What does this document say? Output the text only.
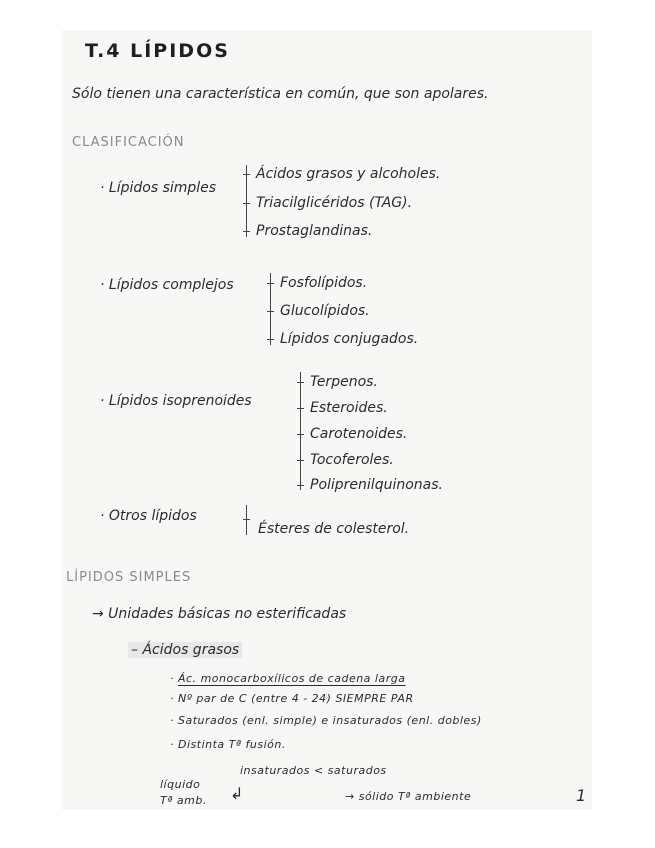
T.4 LÍPIDOS
Sólo tienen una característica en común, que son apolares.
CLASIFICACIÓN
· Lípidos simples
Ácidos grasos y alcoholes.
Triacilglicéridos (TAG).
Prostaglandinas.
· Lípidos complejos	Fosfolípidos.
Glucolípidos.
Lípidos conjugados.
· Lípidos isoprenoides
Terpenos.
Esteroides.
Carotenoides.
Tocoferoles.
Poliprenilquinonas.
· Otros lípidos
Ésteres de colesterol.
LÍPIDOS SIMPLES
→ Unidades básicas no esterificadas
– Ácidos grasos
· Ác. monocarboxílicos de cadena larga
· Nº par de C (entre 4 - 24) SIEMPRE PAR
· Saturados (enl. simple) e insaturados (enl. dobles)
· Distinta Tª fusión.
insaturados < saturados
líquido
Tª amb. ↲	→ sólido Tª ambiente	1
